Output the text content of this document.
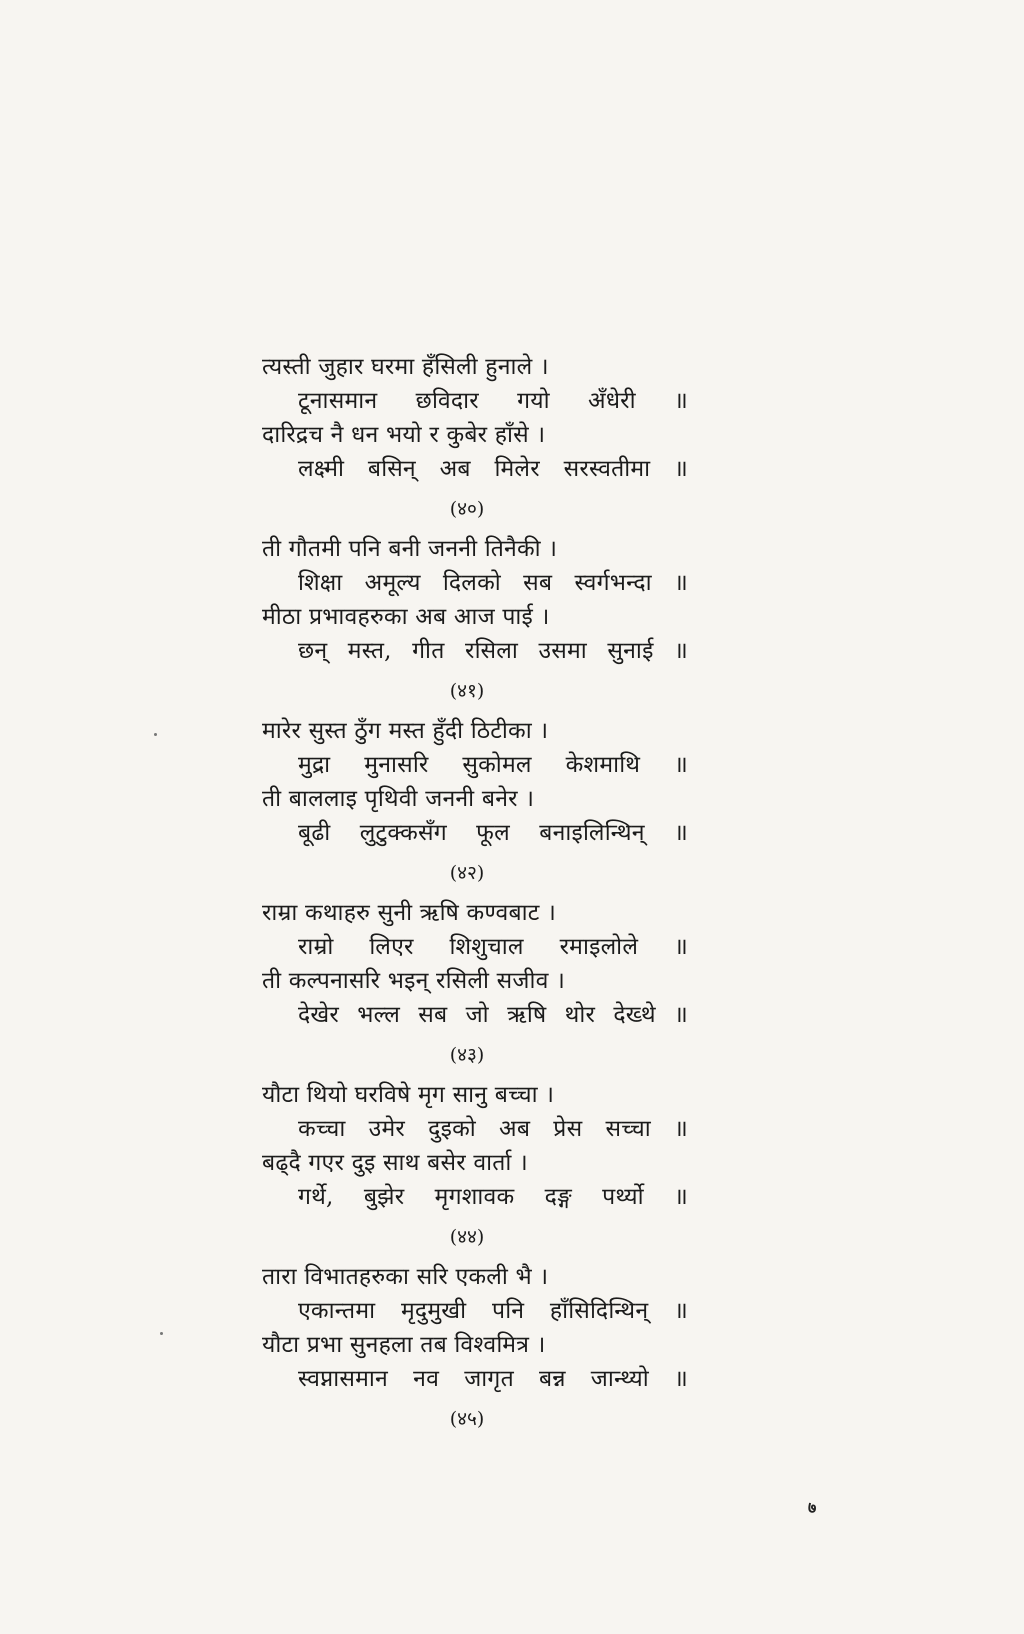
त्यस्ती जुहार घरमा हँसिली हुनाले ।
टूनासमान छविदार गयो अँधेरी ॥
दारिद्रच नै धन भयो र कुबेर हाँसे ।
लक्ष्मी बसिन् अब मिलेर सरस्वतीमा ॥
(४०)
ती गौतमी पनि बनी जननी तिनैकी ।
शिक्षा अमूल्य दिलको सब स्वर्गभन्दा ॥
मीठा प्रभावहरुका अब आज पाई ।
छन् मस्त, गीत रसिला उसमा सुनाई ॥
(४१)
मारेर सुस्त ठुँग मस्त हुँदी ठिटीका ।
मुद्रा मुनासरि सुकोमल केशमाथि ॥
ती बाललाइ पृथिवी जननी बनेर ।
बूढी लुटुक्कसँग फूल बनाइलिन्थिन् ॥
(४२)
राम्रा कथाहरु सुनी ऋषि कण्वबाट ।
राम्रो लिएर शिशुचाल रमाइलोले ॥
ती कल्पनासरि भइन् रसिली सजीव ।
देखेर भल्ल सब जो ऋषि थोर देख्थे ॥
(४३)
यौटा थियो घरविषे मृग सानु बच्चा ।
कच्चा उमेर दुइको अब प्रेस सच्चा ॥
बढ्दै गएर दुइ साथ बसेर वार्ता ।
गर्थे, बुझेर मृगशावक दङ्ग पर्थ्यो ॥
(४४)
तारा विभातहरुका सरि एकली भै ।
एकान्तमा मृदुमुखी पनि हाँसिदिन्थिन् ॥
यौटा प्रभा सुनहला तब विश्वमित्र ।
स्वप्नासमान नव जागृत बन्न जान्थ्यो ॥
(४५)
७
